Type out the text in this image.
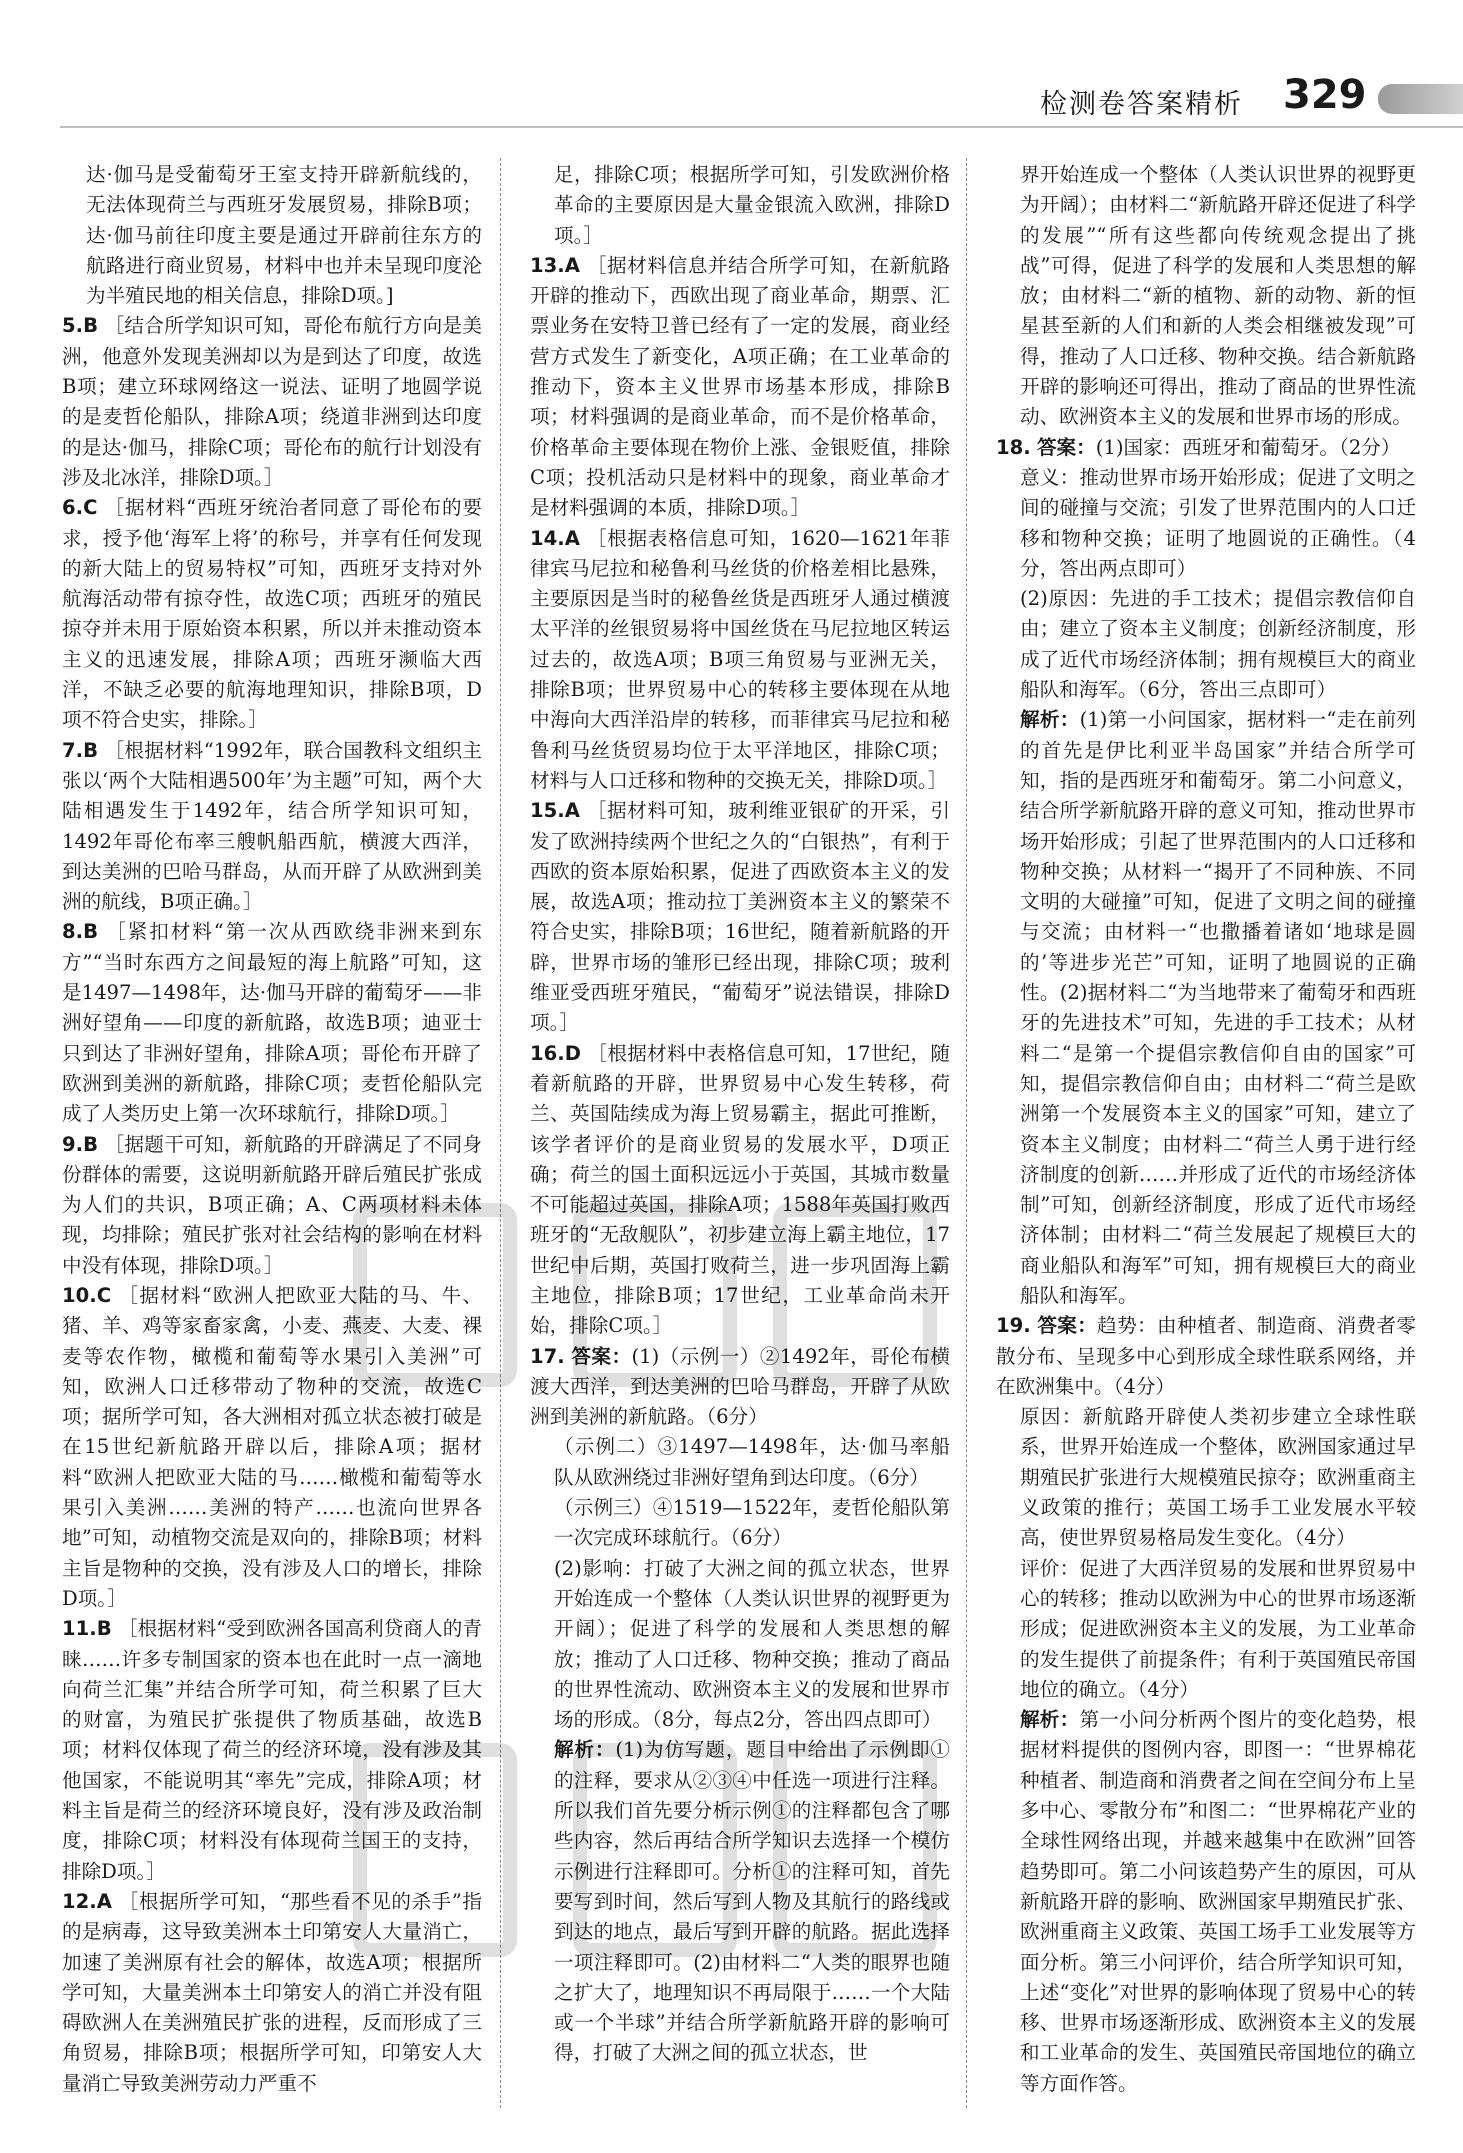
检测卷答案精析 329

达·伽马是受葡萄牙王室支持开辟新航线的，无法体现荷兰与西班牙发展贸易，排除B项；达·伽马前往印度主要是通过开辟前往东方的航路进行商业贸易，材料中也并未呈现印度沦为半殖民地的相关信息，排除D项。]

5.B ［结合所学知识可知，哥伦布航行方向是美洲，他意外发现美洲却以为是到达了印度，故选B项；建立环球网络这一说法、证明了地圆学说的是麦哲伦船队，排除A项；绕道非洲到达印度的是达·伽马，排除C项；哥伦布的航行计划没有涉及北冰洋，排除D项。］

6.C ［据材料“西班牙统治者同意了哥伦布的要求，授予他‘海军上将’的称号，并享有任何发现的新大陆上的贸易特权”可知，西班牙支持对外航海活动带有掠夺性，故选C项；西班牙的殖民掠夺并未用于原始资本积累，所以并未推动资本主义的迅速发展，排除A项；西班牙濒临大西洋，不缺乏必要的航海地理知识，排除B项，D项不符合史实，排除。］

7.B ［根据材料“1992年，联合国教科文组织主张以‘两个大陆相遇500年’为主题”可知，两个大陆相遇发生于1492年，结合所学知识可知，1492年哥伦布率三艘帆船西航，横渡大西洋，到达美洲的巴哈马群岛，从而开辟了从欧洲到美洲的航线，B项正确。］

8.B ［紧扣材料“第一次从西欧绕非洲来到东方”“当时东西方之间最短的海上航路”可知，这是1497—1498年，达·伽马开辟的葡萄牙——非洲好望角——印度的新航路，故选B项；迪亚士只到达了非洲好望角，排除A项；哥伦布开辟了欧洲到美洲的新航路，排除C项；麦哲伦船队完成了人类历史上第一次环球航行，排除D项。］

9.B ［据题干可知，新航路的开辟满足了不同身份群体的需要，这说明新航路开辟后殖民扩张成为人们的共识，B项正确；A、C两项材料未体现，均排除；殖民扩张对社会结构的影响在材料中没有体现，排除D项。］

10.C ［据材料“欧洲人把欧亚大陆的马、牛、猪、羊、鸡等家畜家禽，小麦、燕麦、大麦、裸麦等农作物，橄榄和葡萄等水果引入美洲”可知，欧洲人口迁移带动了物种的交流，故选C项；据所学可知，各大洲相对孤立状态被打破是在15世纪新航路开辟以后，排除A项；据材料“欧洲人把欧亚大陆的马……橄榄和葡萄等水果引入美洲……美洲的特产……也流向世界各地”可知，动植物交流是双向的，排除B项；材料主旨是物种的交换，没有涉及人口的增长，排除D项。］

11.B ［根据材料“受到欧洲各国高利贷商人的青睐……许多专制国家的资本也在此时一点一滴地向荷兰汇集”并结合所学可知，荷兰积累了巨大的财富，为殖民扩张提供了物质基础，故选B项；材料仅体现了荷兰的经济环境，没有涉及其他国家，不能说明其“率先”完成，排除A项；材料主旨是荷兰的经济环境良好，没有涉及政治制度，排除C项；材料没有体现荷兰国王的支持，排除D项。］

12.A ［根据所学可知，“那些看不见的杀手”指的是病毒，这导致美洲本土印第安人大量消亡，加速了美洲原有社会的解体，故选A项；根据所学可知，大量美洲本土印第安人的消亡并没有阻碍欧洲人在美洲殖民扩张的进程，反而形成了三角贸易，排除B项；根据所学可知，印第安人大量消亡导致美洲劳动力严重不

足，排除C项；根据所学可知，引发欧洲价格革命的主要原因是大量金银流入欧洲，排除D项。］

13.A ［据材料信息并结合所学可知，在新航路开辟的推动下，西欧出现了商业革命，期票、汇票业务在安特卫普已经有了一定的发展，商业经营方式发生了新变化，A项正确；在工业革命的推动下，资本主义世界市场基本形成，排除B项；材料强调的是商业革命，而不是价格革命，价格革命主要体现在物价上涨、金银贬值，排除C项；投机活动只是材料中的现象，商业革命才是材料强调的本质，排除D项。］

14.A ［根据表格信息可知，1620—1621年菲律宾马尼拉和秘鲁利马丝货的价格差相比悬殊，主要原因是当时的秘鲁丝货是西班牙人通过横渡太平洋的丝银贸易将中国丝货在马尼拉地区转运过去的，故选A项；B项三角贸易与亚洲无关，排除B项；世界贸易中心的转移主要体现在从地中海向大西洋沿岸的转移，而菲律宾马尼拉和秘鲁利马丝货贸易均位于太平洋地区，排除C项；材料与人口迁移和物种的交换无关，排除D项。］

15.A ［据材料可知，玻利维亚银矿的开采，引发了欧洲持续两个世纪之久的“白银热”，有利于西欧的资本原始积累，促进了西欧资本主义的发展，故选A项；推动拉丁美洲资本主义的繁荣不符合史实，排除B项；16世纪，随着新航路的开辟，世界市场的雏形已经出现，排除C项；玻利维亚受西班牙殖民，“葡萄牙”说法错误，排除D项。］

16.D ［根据材料中表格信息可知，17世纪，随着新航路的开辟，世界贸易中心发生转移，荷兰、英国陆续成为海上贸易霸主，据此可推断，该学者评价的是商业贸易的发展水平，D项正确；荷兰的国土面积远远小于英国，其城市数量不可能超过英国，排除A项；1588年英国打败西班牙的“无敌舰队”，初步建立海上霸主地位，17世纪中后期，英国打败荷兰，进一步巩固海上霸主地位，排除B项；17世纪，工业革命尚未开始，排除C项。］

17. 答案：(1)（示例一）②1492年，哥伦布横渡大西洋，到达美洲的巴哈马群岛，开辟了从欧洲到美洲的新航路。（6分）

（示例二）③1497—1498年，达·伽马率船队从欧洲绕过非洲好望角到达印度。（6分）

（示例三）④1519—1522年，麦哲伦船队第一次完成环球航行。（6分）

(2)影响：打破了大洲之间的孤立状态，世界开始连成一个整体（人类认识世界的视野更为开阔）；促进了科学的发展和人类思想的解放；推动了人口迁移、物种交换；推动了商品的世界性流动、欧洲资本主义的发展和世界市场的形成。（8分，每点2分，答出四点即可）

解析：(1)为仿写题，题目中给出了示例即①的注释，要求从②③④中任选一项进行注释。所以我们首先要分析示例①的注释都包含了哪些内容，然后再结合所学知识去选择一个模仿示例进行注释即可。分析①的注释可知，首先要写到时间，然后写到人物及其航行的路线或到达的地点，最后写到开辟的航路。据此选择一项注释即可。(2)由材料二“人类的眼界也随之扩大了，地理知识不再局限于……一个大陆或一个半球”并结合所学新航路开辟的影响可得，打破了大洲之间的孤立状态，世

界开始连成一个整体（人类认识世界的视野更为开阔）；由材料二“新航路开辟还促进了科学的发展”“所有这些都向传统观念提出了挑战”可得，促进了科学的发展和人类思想的解放；由材料二“新的植物、新的动物、新的恒星甚至新的人们和新的人类会相继被发现”可得，推动了人口迁移、物种交换。结合新航路开辟的影响还可得出，推动了商品的世界性流动、欧洲资本主义的发展和世界市场的形成。

18. 答案：(1)国家：西班牙和葡萄牙。（2分）

意义：推动世界市场开始形成；促进了文明之间的碰撞与交流；引发了世界范围内的人口迁移和物种交换；证明了地圆说的正确性。（4分，答出两点即可）

(2)原因：先进的手工技术；提倡宗教信仰自由；建立了资本主义制度；创新经济制度，形成了近代市场经济体制；拥有规模巨大的商业船队和海军。（6分，答出三点即可）

解析：(1)第一小问国家，据材料一“走在前列的首先是伊比利亚半岛国家”并结合所学可知，指的是西班牙和葡萄牙。第二小问意义，结合所学新航路开辟的意义可知，推动世界市场开始形成；引起了世界范围内的人口迁移和物种交换；从材料一“揭开了不同种族、不同文明的大碰撞”可知，促进了文明之间的碰撞与交流；由材料一“也撒播着诸如‘地球是圆的’等进步光芒”可知，证明了地圆说的正确性。(2)据材料二“为当地带来了葡萄牙和西班牙的先进技术”可知，先进的手工技术；从材料二“是第一个提倡宗教信仰自由的国家”可知，提倡宗教信仰自由；由材料二“荷兰是欧洲第一个发展资本主义的国家”可知，建立了资本主义制度；由材料二“荷兰人勇于进行经济制度的创新……并形成了近代的市场经济体制”可知，创新经济制度，形成了近代市场经济体制；由材料二“荷兰发展起了规模巨大的商业船队和海军”可知，拥有规模巨大的商业船队和海军。

19. 答案：趋势：由种植者、制造商、消费者零散分布、呈现多中心到形成全球性联系网络，并在欧洲集中。（4分）

原因：新航路开辟使人类初步建立全球性联系，世界开始连成一个整体，欧洲国家通过早期殖民扩张进行大规模殖民掠夺；欧洲重商主义政策的推行；英国工场手工业发展水平较高，使世界贸易格局发生变化。（4分）

评价：促进了大西洋贸易的发展和世界贸易中心的转移；推动以欧洲为中心的世界市场逐渐形成；促进欧洲资本主义的发展，为工业革命的发生提供了前提条件；有利于英国殖民帝国地位的确立。（4分）

解析：第一小问分析两个图片的变化趋势，根据材料提供的图例内容，即图一：“世界棉花种植者、制造商和消费者之间在空间分布上呈多中心、零散分布”和图二：“世界棉花产业的全球性网络出现，并越来越集中在欧洲”回答趋势即可。第二小问该趋势产生的原因，可从新航路开辟的影响、欧洲国家早期殖民扩张、欧洲重商主义政策、英国工场手工业发展等方面分析。第三小问评价，结合所学知识可知，上述“变化”对世界的影响体现了贸易中心的转移、世界市场逐渐形成、欧洲资本主义的发展和工业革命的发生、英国殖民帝国地位的确立等方面作答。
